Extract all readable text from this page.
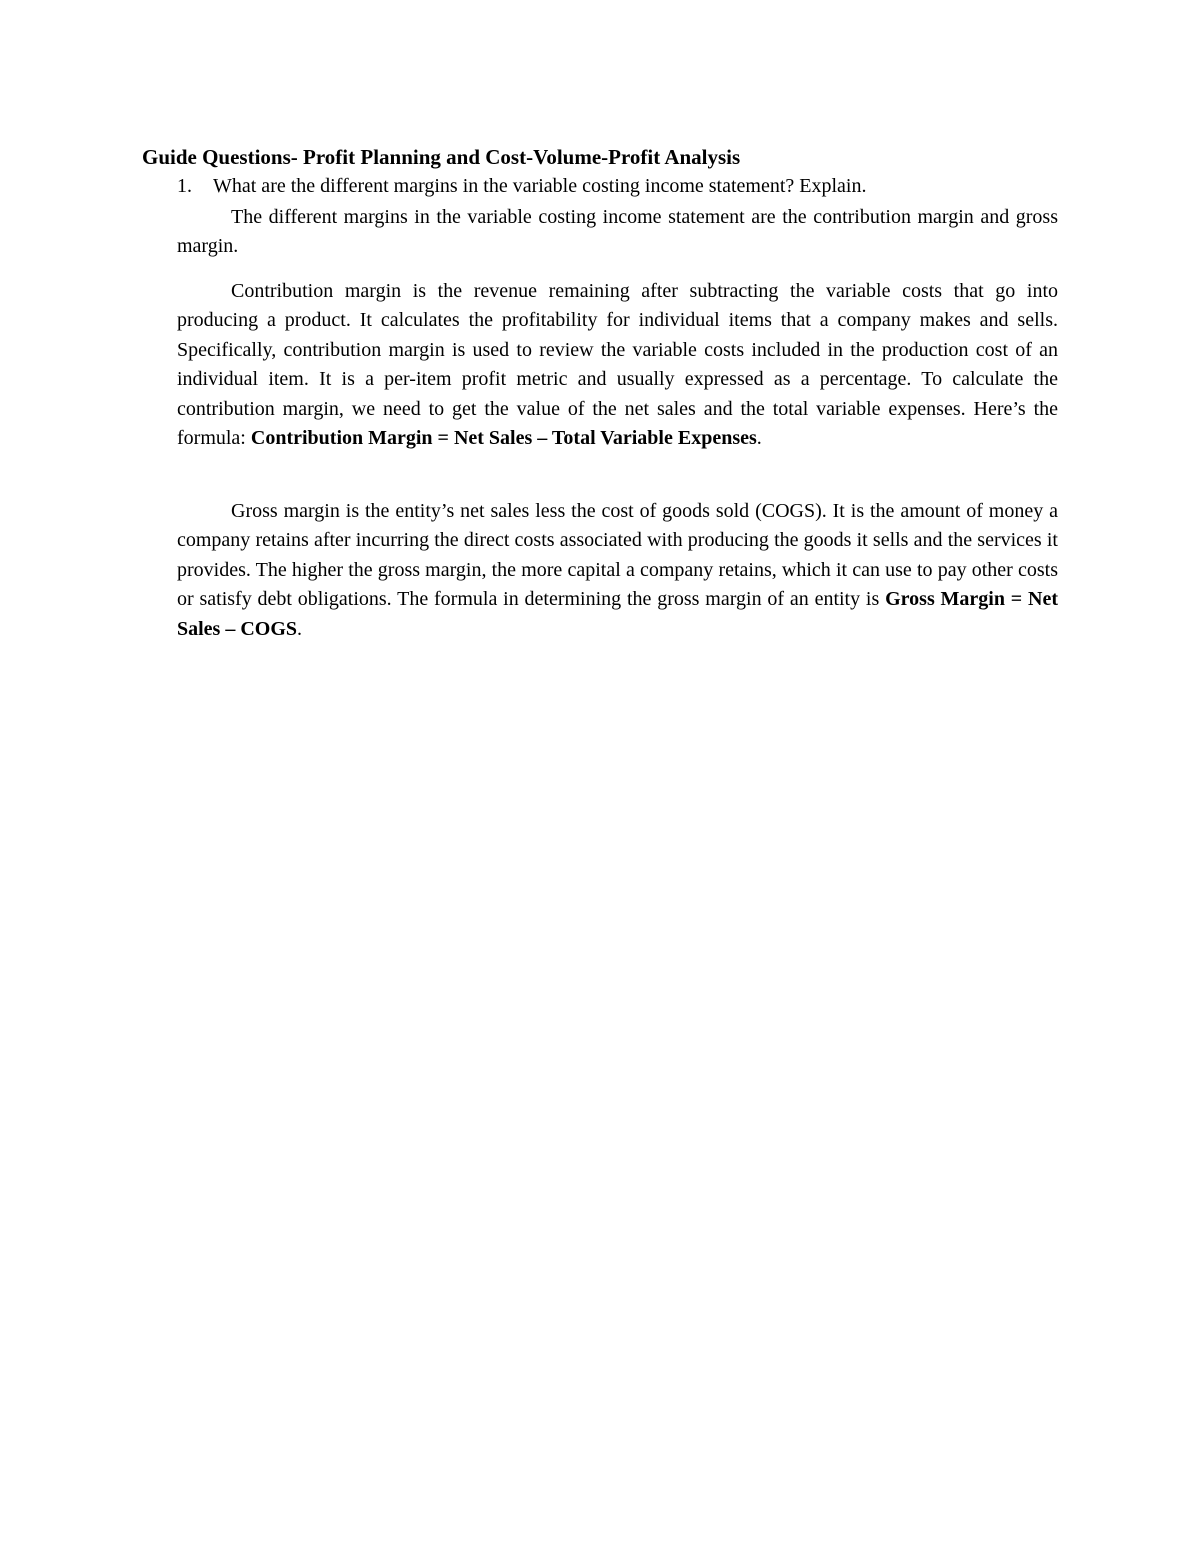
Guide Questions- Profit Planning and Cost-Volume-Profit Analysis
1. What are the different margins in the variable costing income statement? Explain.

The different margins in the variable costing income statement are the contribution margin and gross margin.

Contribution margin is the revenue remaining after subtracting the variable costs that go into producing a product. It calculates the profitability for individual items that a company makes and sells. Specifically, contribution margin is used to review the variable costs included in the production cost of an individual item. It is a per-item profit metric and usually expressed as a percentage. To calculate the contribution margin, we need to get the value of the net sales and the total variable expenses. Here’s the formula: Contribution Margin = Net Sales – Total Variable Expenses.

Gross margin is the entity’s net sales less the cost of goods sold (COGS). It is the amount of money a company retains after incurring the direct costs associated with producing the goods it sells and the services it provides. The higher the gross margin, the more capital a company retains, which it can use to pay other costs or satisfy debt obligations. The formula in determining the gross margin of an entity is Gross Margin = Net Sales – COGS.
